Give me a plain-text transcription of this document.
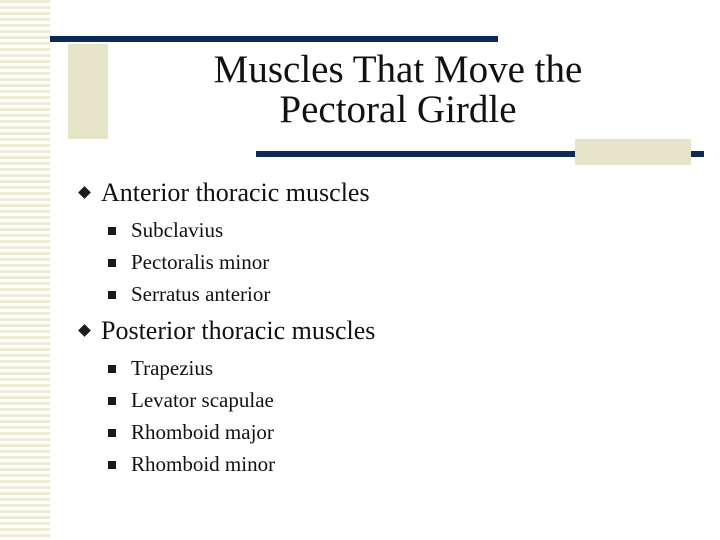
Muscles That Move the
Pectoral Girdle

Anterior thoracic muscles

Subclavius
Pectoralis minor
Serratus anterior

Posterior thoracic muscles

Trapezius
Levator scapulae
Rhomboid major
Rhomboid minor
